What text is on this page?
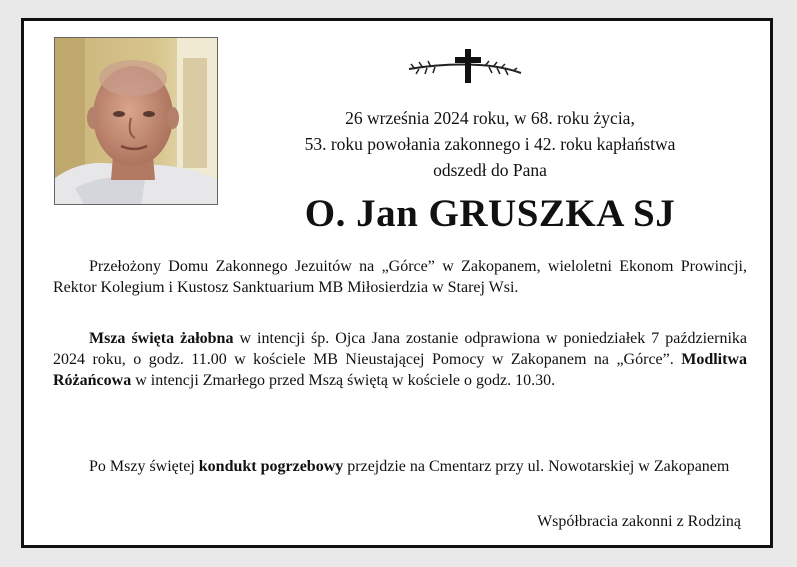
26 września 2024 roku, w 68. roku życia,
53. roku powołania zakonnego i 42. roku kapłaństwa
odszedł do Pana
O. Jan GRUSZKA SJ
Przełożony Domu Zakonnego Jezuitów na „Górce” w Zakopanem, wieloletni Ekonom Prowincji, Rektor Kolegium i Kustosz Sanktuarium MB Miłosierdzia w Starej Wsi.
Msza święta żałobna w intencji śp. Ojca Jana zostanie odprawiona w poniedziałek 7 października 2024 roku, o godz. 11.00 w kościele MB Nieustającej Pomocy w Zakopanem na „Górce”. Modlitwa Różańcowa w intencji Zmarłego przed Mszą świętą w kościele o godz. 10.30.
Po Mszy świętej kondukt pogrzebowy przejdzie na Cmentarz przy ul. Nowotarskiej w Zakopanem
Współbracia zakonni z Rodziną
